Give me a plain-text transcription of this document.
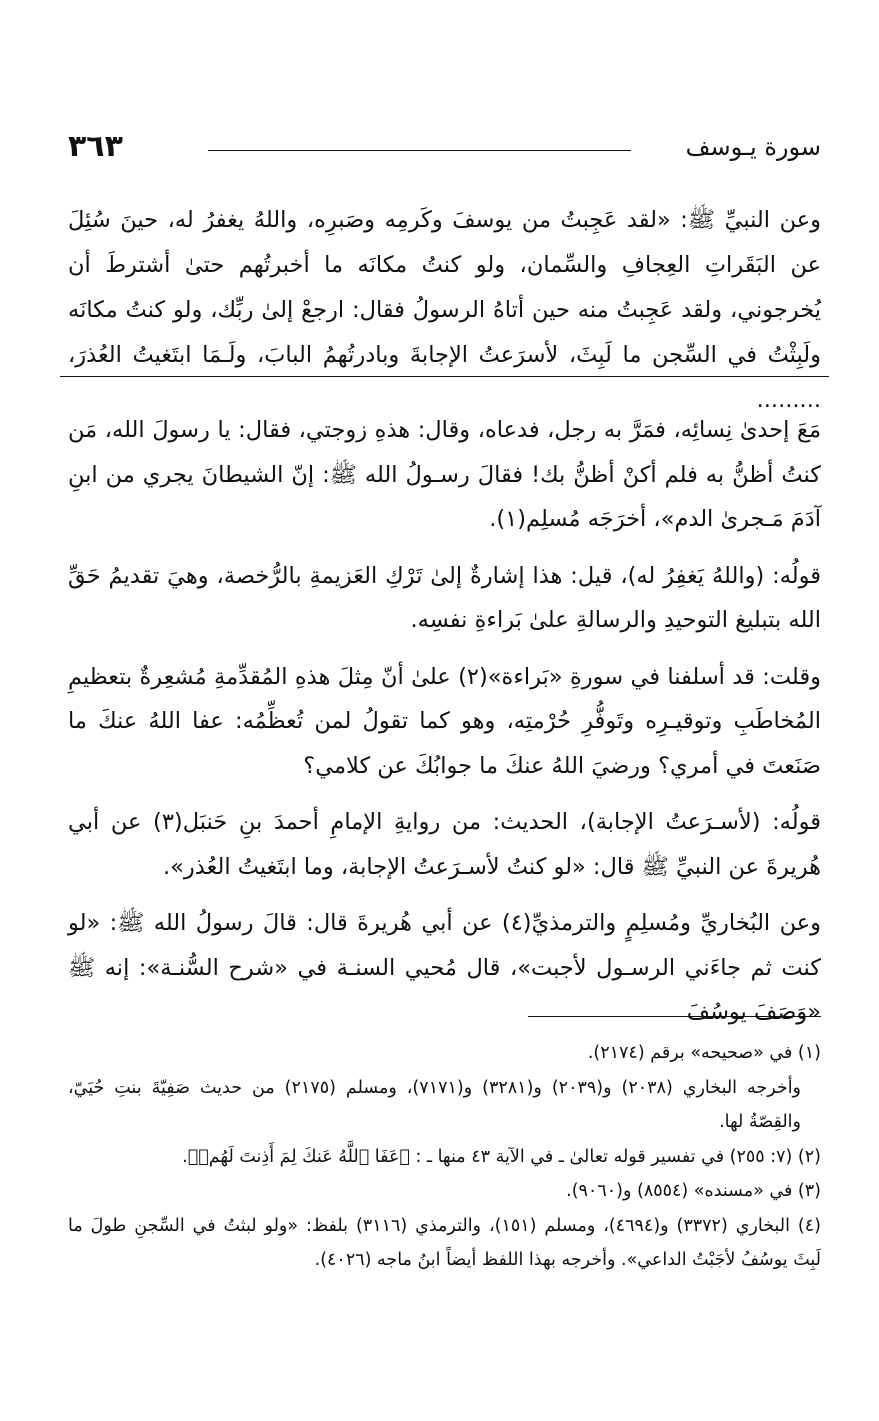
سورة يـوسف
٣٦٣

وعن النبيِّ ﷺ: «لقد عَجِبتُ من يوسفَ وكَرمِه وصَبرِه، واللهُ يغفرُ له، حينَ سُئِلَ عن البَقَراتِ العِجافِ والسِّمان، ولو كنتُ مكانَه ما أخبرتُهم حتىٰ أشترطَ أن يُخرجوني، ولقد عَجِبتُ منه حين أتاهُ الرسولُ فقال: ارجعْ إلىٰ ربِّك، ولو كنتُ مكانَه ولَبِثْتُ في السِّجن ما لَبِثَ، لأسرَعتُ الإجابةَ وبادرتُهمُ البابَ، ولَـمَا ابتَغيتُ العُذرَ، .........

مَعَ إحدىٰ نِسائِه، فمَرَّ به رجل، فدعاه، وقال: هذهِ زوجتي، فقال: يا رسولَ الله، مَن كنتُ أظنُّ به فلم أكنْ أظنُّ بك! فقالَ رسـولُ الله ﷺ: إنّ الشيطانَ يجري من ابنِ آدَمَ مَـجرىٰ الدم»، أخرَجَه مُسلِم(١).

قولُه: (واللهُ يَغفِرُ له)، قيل: هذا إشارةٌ إلىٰ تَرْكِ العَزيمةِ بالرُّخصة، وهيَ تقديمُ حَقِّ الله بتبليغ التوحيدِ والرسالةِ علىٰ بَراءةِ نفسِه.

وقلت: قد أسلفنا في سورةِ «بَراءة»(٢) علىٰ أنّ مِثلَ هذهِ المُقدِّمةِ مُشعِرةٌ بتعظيمِ المُخاطَبِ وتوقيـرِه وتَوفُّرِ حُرْمتِه، وهو كما تقولُ لمن تُعظِّمُه: عفا اللهُ عنكَ ما صَنَعتَ في أمري؟ ورضيَ اللهُ عنكَ ما جوابُكَ عن كلامي؟

قولُه: (لأسـرَعتُ الإجابة)، الحديث: من روايةِ الإمامِ أحمدَ بنِ حَنبَل(٣) عن أبي هُريرةَ عن النبيِّ ﷺ قال: «لو كنتُ لأسـرَعتُ الإجابة، وما ابتَغيتُ العُذر».

وعن البُخاريِّ ومُسلِمٍ والترمذيِّ(٤) عن أبي هُريرةَ قال: قالَ رسولُ الله ﷺ: «لو كنت ثم جاءَني الرسـول لأجبت»، قال مُحيي السنـة في «شرح السُّنـة»: إنه ﷺ «وَصَفَ يوسُفَ

(١) في «صحيحه» برقم (٢١٧٤).

وأخرجه البخاري (٢٠٣٨) و(٢٠٣٩) و(٣٢٨١) و(٧١٧١)، ومسلم (٢١٧٥) من حديث صَفِيّةَ بنتِ حُيَيّ، والقِصّةُ لها.

(٢) (٧: ٢٥٥) في تفسير قوله تعالىٰ ـ في الآية ٤٣ منها ـ : ﴿عَفَا ٱللَّهُ عَنكَ لِمَ أَذِنتَ لَهُمۡ﴾.

(٣) في «مسنده» (٨٥٥٤) و(٩٠٦٠).

(٤) البخاري (٣٣٧٢) و(٤٦٩٤)، ومسلم (١٥١)، والترمذي (٣١١٦) بلفظ: «ولو لبثتُ في السِّجنِ طولَ ما لَبِثَ يوسُفُ لأجَبْتُ الداعي». وأخرجه بهذا اللفظ أيضاً ابنُ ماجه (٤٠٢٦).
